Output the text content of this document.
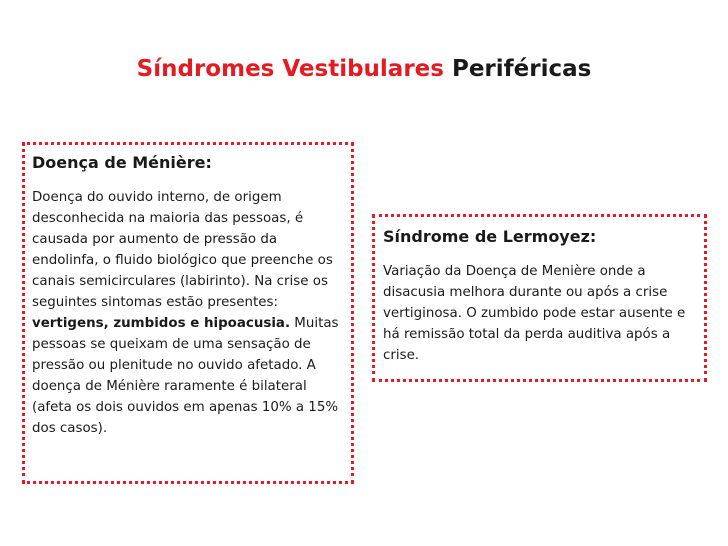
Síndromes Vestibulares Periféricas
Doença de Ménière:

Doença do ouvido interno, de origem desconhecida na maioria das pessoas, é causada por aumento de pressão da endolinfa, o fluido biológico que preenche os canais semicirculares (labirinto). Na crise os seguintes sintomas estão presentes: vertigens, zumbidos e hipoacusia. Muitas pessoas se queixam de uma sensação de pressão ou plenitude no ouvido afetado. A doença de Ménière raramente é bilateral (afeta os dois ouvidos em apenas 10% a 15% dos casos).

Síndrome de Lermoyez:

Variação da Doença de Menière onde a disacusia melhora durante ou após a crise vertiginosa. O zumbido pode estar ausente e há remissão total da perda auditiva após a crise.
